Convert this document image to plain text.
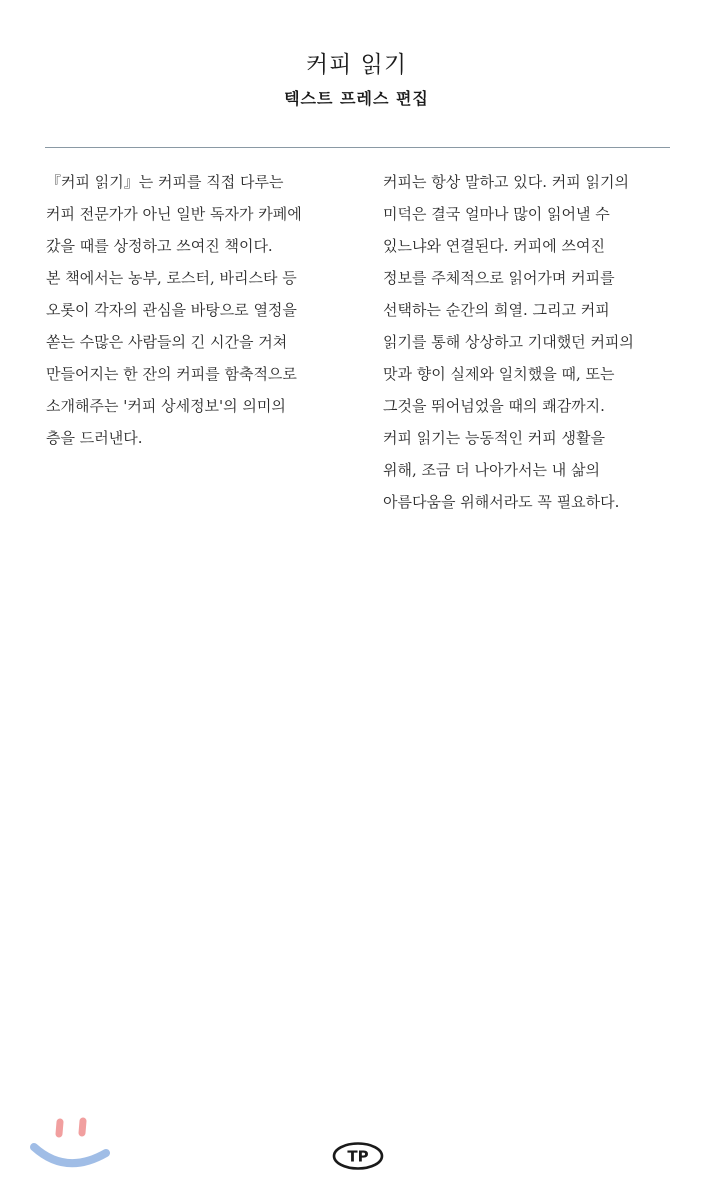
커피 읽기
텍스트 프레스 편집
『커피 읽기』는 커피를 직접 다루는
커피 전문가가 아닌 일반 독자가 카페에
갔을 때를 상정하고 쓰여진 책이다.
본 책에서는 농부, 로스터, 바리스타 등
오롯이 각자의 관심을 바탕으로 열정을
쏟는 수많은 사람들의 긴 시간을 거쳐
만들어지는 한 잔의 커피를 함축적으로
소개해주는 '커피 상세정보'의 의미의
층을 드러낸다.
커피는 항상 말하고 있다. 커피 읽기의
미덕은 결국 얼마나 많이 읽어낼 수
있느냐와 연결된다. 커피에 쓰여진
정보를 주체적으로 읽어가며 커피를
선택하는 순간의 희열. 그리고 커피
읽기를 통해 상상하고 기대했던 커피의
맛과 향이 실제와 일치했을 때, 또는
그것을 뛰어넘었을 때의 쾌감까지.
커피 읽기는 능동적인 커피 생활을
위해, 조금 더 나아가서는 내 삶의
아름다움을 위해서라도 꼭 필요하다.
TP
